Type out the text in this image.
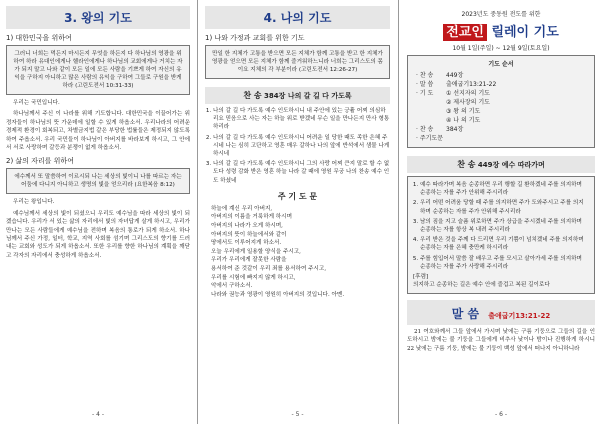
3. 왕의 기도
1) 대한민국을 위하여
그러니 너희는 먹든지 마시든지 무엇을 하든지 다 하나님의 영광을 위하여 하라 유대인에게나 헬라인에게나 하나님의 교회에게나 거치는 자가 되지 말고 나와 같이 모든 일에 모든 사람을 기쁘게 하여 자신의 유익을 구하지 아니하고 많은 사람의 유익을 구하여 그들로 구원을 받게 하라 (고린도전서 10:31-33)

우리는 국민입니다.

하나님께서 주신 이 나라를 위해 기도합니다. 대한민국을 이끌어가는 위정자들이 하나님의 뜻 가운데에 일할 수 있게 하옵소서. 우리나라의 어려운 경제적 환경이 회복되고, 차별금지법 같은 부당한 법률들은 제정되지 않도록 하여 주옵소서. 우리 국민들이 하나님이 아버지를 바라보게 하시고, 그 안에서 서로 사랑하며 갈등과 분쟁이 없게 하옵소서.

2) 삶의 자리를 위하여
에수께서 또 말씀하여 이르시되 나는 세상의 빛이니 나를 따르는 자는 어둠에 다니지 아니하고 생명의 빛을 얻으리라 (요한복음 8:12)

우리는 왕입니다.

예수님께서 세상의 빛이 되셨으니 우리도 예수님을 따라 세상의 빛이 되겠습니다. 우리가 서 있는 삶의 자리에서 빛의 자녀답게 살게 하시고, 우리가 만나는 모든 사람들에게 예수님을 전하며 복음의 통로가 되게 하소서. 하나님께서 주신 가정, 일터, 학교, 지역 사회를 섬기며 그리스도의 향기를 드러내는 교회와 성도가 되게 하옵소서. 또한 우리를 향한 하나님의 계획을 깨닫고 각자의 자리에서 충성하게 하옵소서.

- 4 -
4. 나의 기도
1) 나와 가정과 교회를 위한 기도
만일 한 지체가 고통을 받으면 모든 지체가 함께 고통을 받고 한 지체가 영광을 얻으면 모든 지체가 함께 즐거워하느니라 너희는 그리스도의 몸이요 지체의 각 부분이라 (고린도전서 12:26-27)
찬 송 384장 나의 갈 길 다 가도록
1. 나의 갈 길 다 가도록 예수 인도하시니 내 주안에 있는 긍휼 어찌 의심하리요 믿음으로 사는 자는 하늘 위로 받겠네 무슨 일을 만나든지 만사 형통하리라
2. 나의 갈 길 다 가도록 예수 인도하시니 어려운 일 당한 때도 족한 은혜 주시네 나는 심히 고단하고 영혼 매우 갈하나 나의 앞에 반석에서 샘물 나게 하시네
3. 나의 갈 길 다 가도록 예수 인도하시니 그의 사랑 어찌 큰지 말로 할 수 없도다 성령 감화 받은 영혼 하늘 나라 갈 때에 영원 무궁 나의 찬송 예수 인도 하셨네
주 기 도 문
하늘에 계신 우리 아버지,
아버지의 이름을 거룩하게 하시며
아버지의 나라가 오게 하시며,
아버지의 뜻이 하늘에서와 같이
땅에서도 이루어지게 하소서.
오늘 우리에게 일용할 양식을 주시고,
우리가 우리에게 잘못한 사람을
용서하여 준 것같이 우리 죄를 용서하여 주시고,
우리를 시험에 빠지지 않게 하시고,
악에서 구하소서.
나라와 권능과 영광이 영원히 아버지의 것입니다. 아멘.
- 5 -
2023년도 중동원 전도를 위한
전교인 릴레이 기도
10월 1일(주일) ~ 12월 9일(토요일)
기도 순서
· 찬 송	449장
· 말 씀	출애굽기13:21-22
· 기 도	① 선지자의 기도
② 제사장의 기도
③ 왕 의 기도
④ 나 의 기도
· 찬 송	384장
· 주기도문
찬 송 449장 예수 따라가며
1. 예수 따라가며 복음 순종하면 우리 행할 길 환하겠네 주를 의지하며 순종하는 자를 주가 안위해 주시리라
2. 우리 어떤 어려움 당할 때 주를 의지하면 주가 도와주시고 주를 의지하며 순종하는 자를 주가 안위해 주시리라
3. 남의 짐을 지고 슬픔 위로하면 주가 상급을 주시겠네 주를 의지하며 순종하는 자를 항상 복 내려 주시리라
4. 우리 받은 것을 주께 다 드리면 우리 기쁨이 넘치겠네 주를 의지하며 순종하는 자를 은혜 충만케 하시리라
5. 주를 힘입어서 말씀 잘 배우고 주를 모시고 살아가세 주를 의지하며 순종하는 자를 주가 사랑해 주시리라
[후렴]
의지하고 순종하는 길은 예수 안에 즐겁고 복된 길이로다
말 씀 출애굽기13:21-22

21 여호와께서 그들 앞에서 가시며 낮에는 구름 기둥으로 그들의 길을 인도하시고 밤에는 불 기둥을 그들에게 비추사 낮이나 밤이나 진행하게 하시니 22 낮에는 구름 기둥, 밤에는 불 기둥이 백성 앞에서 떠나지 아니하니라

- 6 -
